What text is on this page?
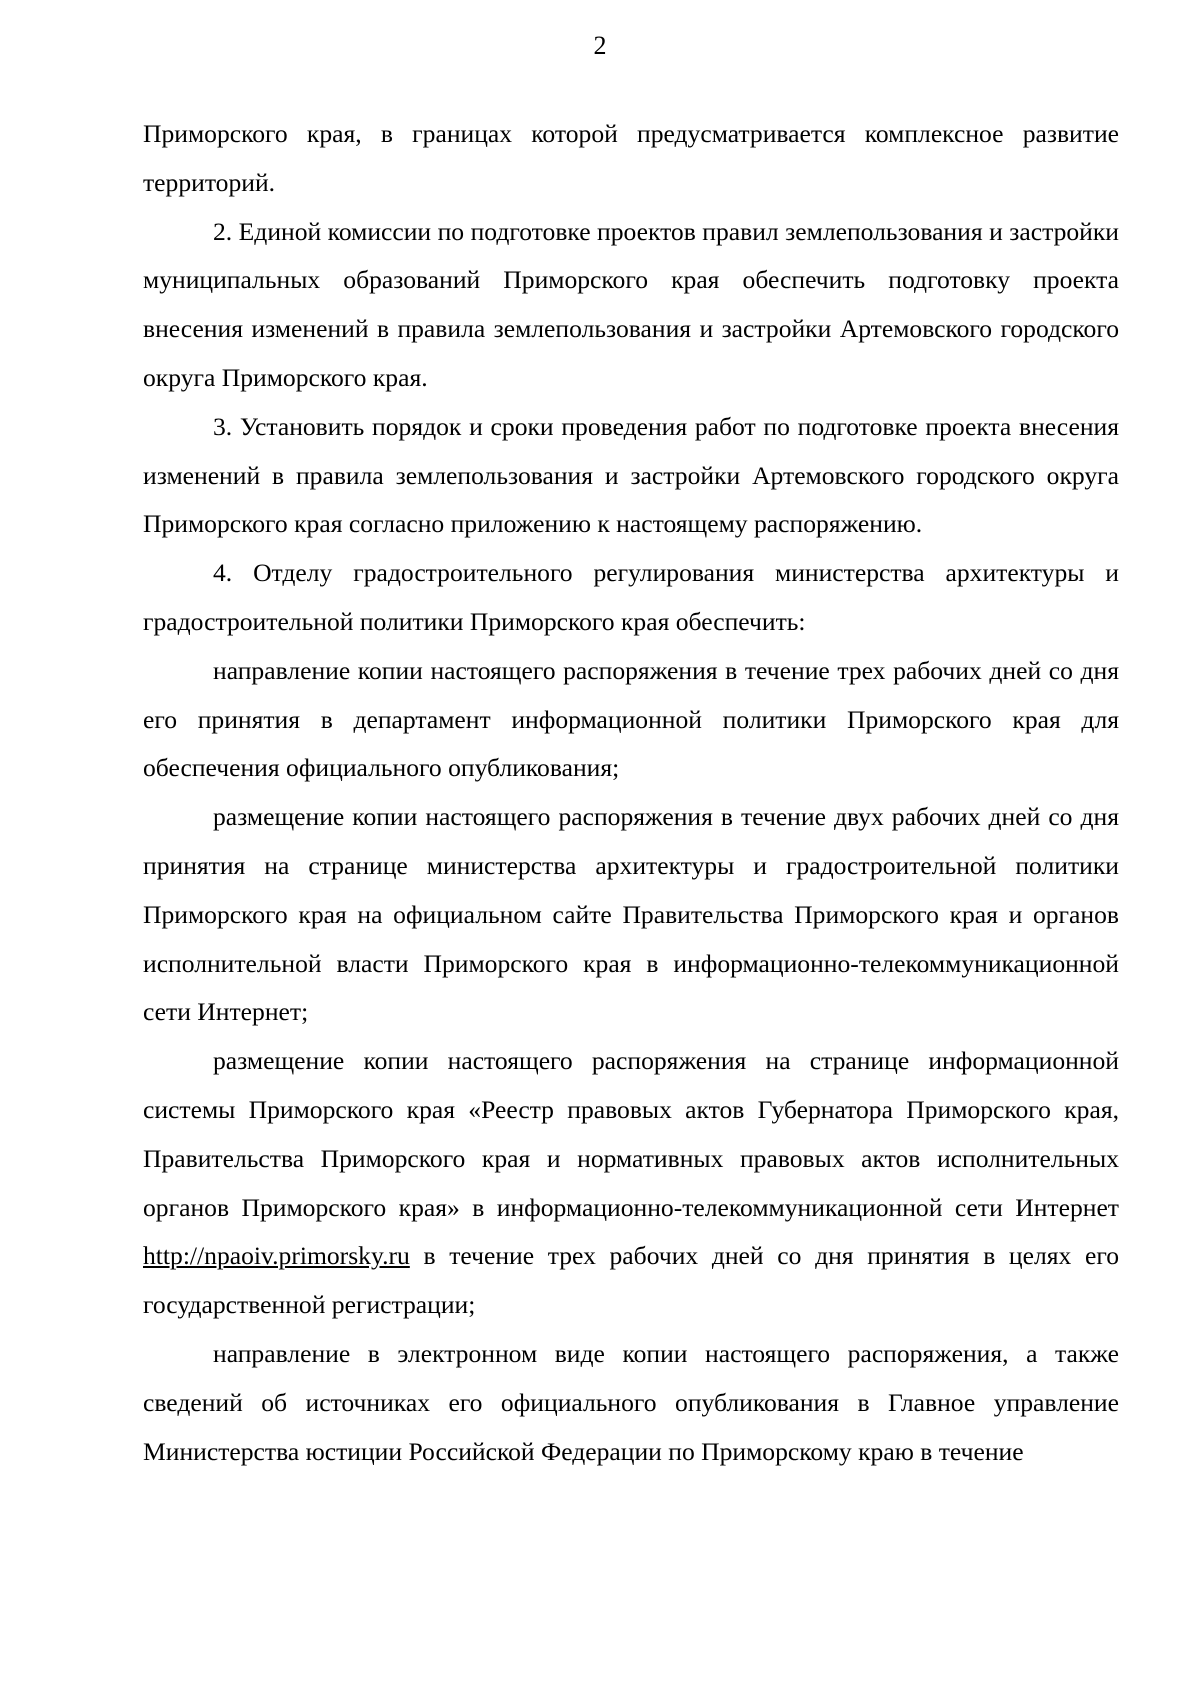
2

Приморского края, в границах которой предусматривается комплексное развитие территорий.

2. Единой комиссии по подготовке проектов правил землепользования и застройки муниципальных образований Приморского края обеспечить подготовку проекта внесения изменений в правила землепользования и застройки Артемовского городского округа Приморского края.

3. Установить порядок и сроки проведения работ по подготовке проекта внесения изменений в правила землепользования и застройки Артемовского городского округа Приморского края согласно приложению к настоящему распоряжению.

4. Отделу градостроительного регулирования министерства архитектуры и градостроительной политики Приморского края обеспечить:

направление копии настоящего распоряжения в течение трех рабочих дней со дня его принятия в департамент информационной политики Приморского края для обеспечения официального опубликования;

размещение копии настоящего распоряжения в течение двух рабочих дней со дня принятия на странице министерства архитектуры и градостроительной политики Приморского края на официальном сайте Правительства Приморского края и органов исполнительной власти Приморского края в информационно-телекоммуникационной сети Интернет;

размещение копии настоящего распоряжения на странице информационной системы Приморского края «Реестр правовых актов Губернатора Приморского края, Правительства Приморского края и нормативных правовых актов исполнительных органов Приморского края» в информационно-телекоммуникационной сети Интернет http://npaoiv.primorsky.ru в течение трех рабочих дней со дня принятия в целях его государственной регистрации;

направление в электронном виде копии настоящего распоряжения, а также сведений об источниках его официального опубликования в Главное управление Министерства юстиции Российской Федерации по Приморскому краю в течение
